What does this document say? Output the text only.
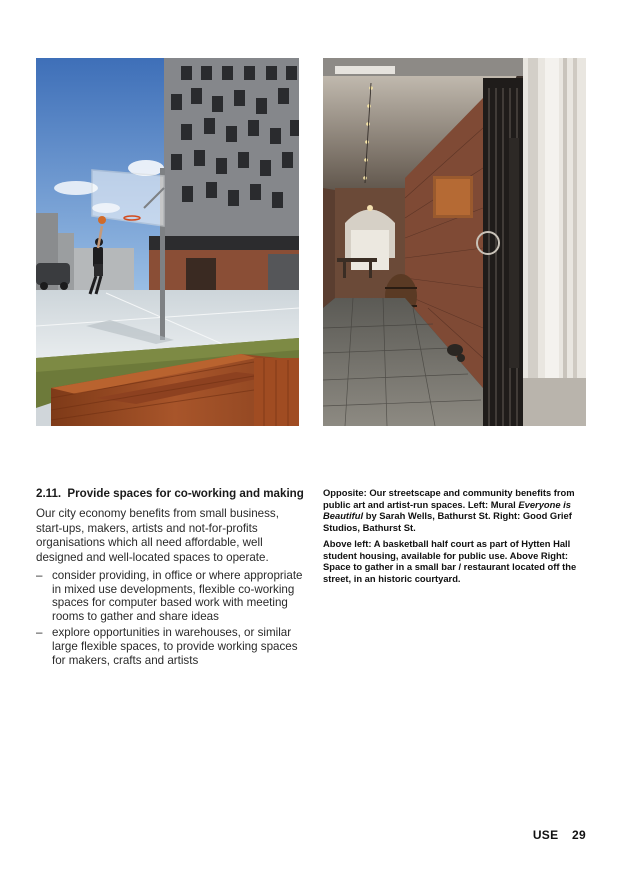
2.11. Provide spaces for co-working and making
Our city economy benefits from small business, start-ups, makers, artists and not-for-profits organisations which all need affordable, well designed and well-located spaces to operate.
– consider providing, in office or where appropriate in mixed use developments, flexible co-working spaces for computer based work with meeting rooms to gather and share ideas
– explore opportunities in warehouses, or similar large flexible spaces, to provide working spaces for makers, crafts and artists
Opposite: Our streetscape and community benefits from public art and artist-run spaces. Left: Mural Everyone is Beautiful by Sarah Wells, Bathurst St. Right: Good Grief Studios, Bathurst St.
Above left: A basketball half court as part of Hytten Hall student housing, available for public use. Above Right: Space to gather in a small bar / restaurant located off the street, in an historic courtyard.
USE 29
